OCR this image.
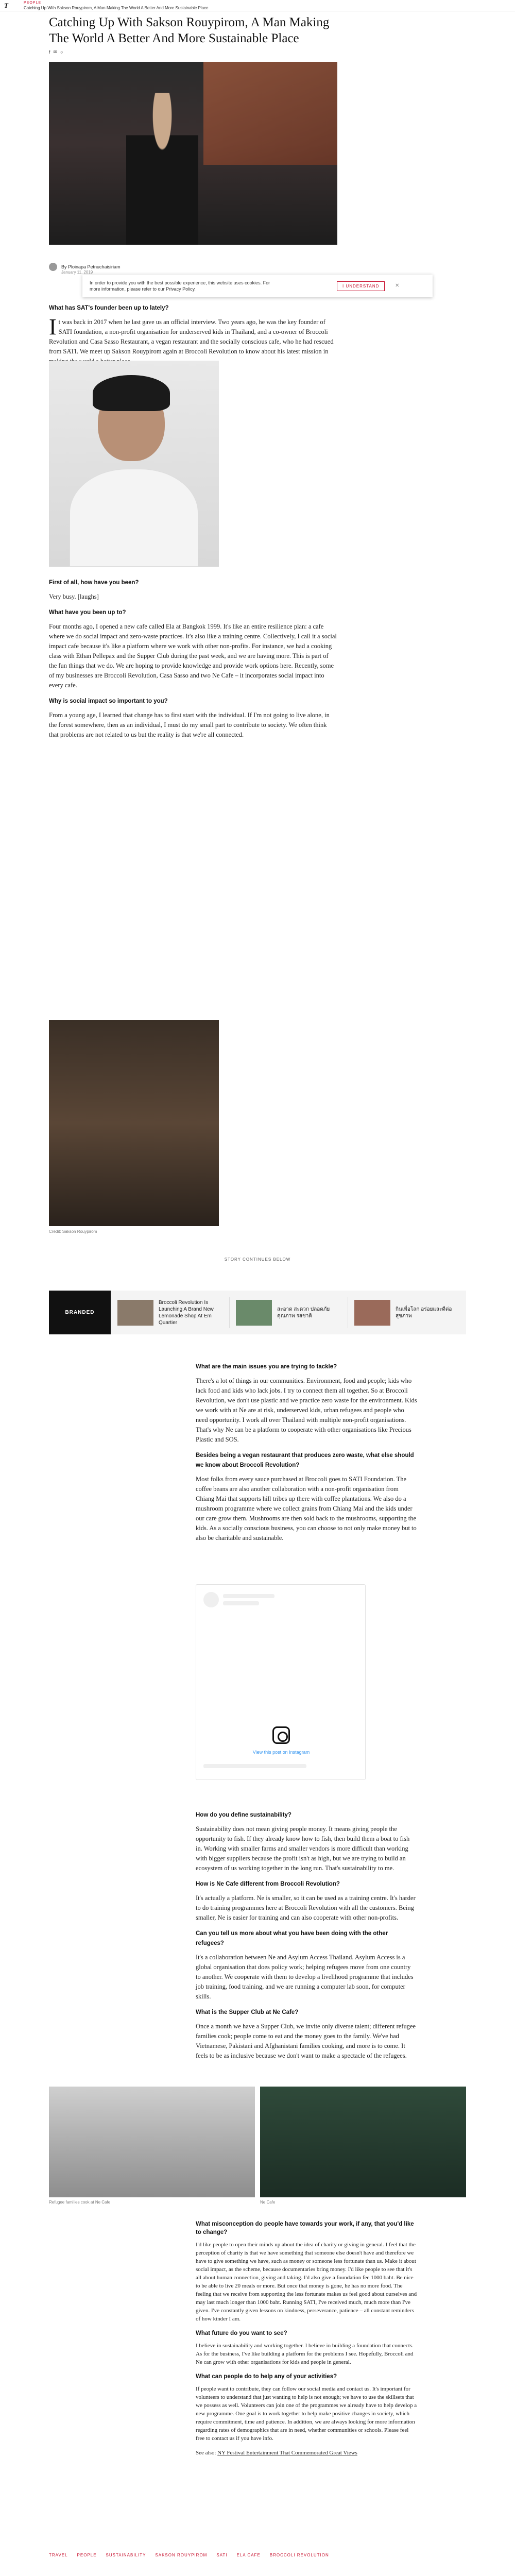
T	PEOPLE
Catching Up With Sakson Rouypirom, A Man Making The World A Better And More Sustainable Place
Catching Up With Sakson Rouypirom, A Man Making The World A Better And More Sustainable Place
f ✉ ○
By Ploinapa Petnuchaisiriam
January 11, 2019

In order to provide you with the best possible experience, this website uses cookies. For more information, please refer to our Privacy Policy.

I UNDERSTAND	×
What has SAT's founder been up to lately?

It was back in 2017 when he last gave us an official interview. Two years ago, he was the key founder of SATI foundation, a non-profit organisation for underserved kids in Thailand, and a co-owner of Broccoli Revolution and Casa Sasso Restaurant, a vegan restaurant and the socially conscious cafe, who he had rescued from SATI. We meet up Sakson Rouypirom again at Broccoli Revolution to know about his latest mission in

First of all, how have you been?

Very busy. [laughs]

What have you been up to?

Four months ago, I opened a new cafe called Ela at Bangkok 1999. It's like an entire resilience plan: a cafe where we do social impact and zero-waste practices. It's also like a training centre. Collectively, I call it a social impact cafe because it's like a platform where we work with other non-profits. For instance, we had a cooking class with Ethan Pellepax and the Supper Club during the past week, and we are having more. This is part of the fun things that we do. We are hoping to provide knowledge and provide work options here. Recently, some of my businesses are Broccoli Revolution, Casa Sasso and two Ne Cafe – it incorporates social impact into every cafe.

Why is social impact so important to you?

From a young age, I learned that change has to first start with the individual. If I'm not going to live alone, in the forest somewhere, then as an individual, I must do my small part to contribute to society. We often think that problems are not related to us but the reality is that we're all connected.

Credit: Sakson Rouypirom
STORY CONTINUES BELOW
BRANDED
Broccoli Revolution Is Launching A Brand New Lemonade Shop At Em Quartier
สะอาด สะดวก ปลอดภัย คุณภาพ รสชาติ
กินเพื่อโลก อร่อยและดีต่อสุขภาพ
What are the main issues you are trying to tackle?

There's a lot of things in our communities. Environment, food and people; kids who lack food and kids who lack jobs. I try to connect them all together. So at Broccoli Revolution, we don't use plastic and we practice zero waste for the environment. Kids we work with at Ne are at risk, underserved kids, urban refugees and people who need opportunity. I work all over Thailand with multiple non-profit organisations. That's why Ne can be a platform to cooperate with other organisations like Precious Plastic and SOS.

Besides being a vegan restaurant that produces zero waste, what else should we know about Broccoli Revolution?

Most folks from every sauce purchased at Broccoli goes to SATI Foundation. The coffee beans are also another collaboration with a non-profit organisation from Chiang Mai that supports hill tribes up there with coffee plantations. We also do a mushroom programme where we collect grains from Chiang Mai and the kids under our care grow them. Mushrooms are then sold back to the mushrooms, supporting the kids. As a socially conscious business, you can choose to not only make money but to also be charitable and sustainable.

View this post on Instagram
How do you define sustainability?

Sustainability does not mean giving people money. It means giving people the opportunity to fish. If they already know how to fish, then build them a boat to fish in. Working with smaller farms and smaller vendors is more difficult than working with bigger suppliers because the profit isn't as high, but we are trying to build an ecosystem of us working together in the long run. That's sustainability to me.

How is Ne Cafe different from Broccoli Revolution?

It's actually a platform. Ne is smaller, so it can be used as a training centre. It's harder to do training programmes here at Broccoli Revolution with all the customers. Being smaller, Ne is easier for training and can also cooperate with other non-profits.

Can you tell us more about what you have been doing with the other refugees?

It's a collaboration between Ne and Asylum Access Thailand. Asylum Access is a global organisation that does policy work; helping refugees move from one country to another. We cooperate with them to develop a livelihood programme that includes job training, food training, and we are running a computer lab soon, for computer skills.

What is the Supper Club at Ne Cafe?

Once a month we have a Supper Club, we invite only diverse talent; different refugee families cook; people come to eat and the money goes to the family. We've had Vietnamese, Pakistani and Afghanistani families cooking, and more is to come. It feels to be as inclusive because we don't want to make a spectacle of the refugees.

Refugee families cook at Ne Cafe	Ne Cafe
What misconception do people have towards your work, if any, that you'd like to change?

I'd like people to open their minds up about the idea of charity or giving in general. I feel that the perception of charity is that we have something that someone else doesn't have and therefore we have to give something we have, such as money or someone less fortunate than us. Make it about social impact, as the scheme, because documentaries bring money. I'd like people to see that it's all about human connection, giving and taking. I'd also give a foundation fee 1000 baht. Be nice to be able to live 20 meals or more. But once that money is gone, he has no more food. The feeling that we receive from supporting the less fortunate makes us feel good about ourselves and may last much longer than 1000 baht. Running SATI, I've received much, much more than I've given. I've constantly given lessons on kindness, perseverance, patience – all constant reminders of how kinder I am.

What future do you want to see?

I believe in sustainability and working together. I believe in building a foundation that connects. As for the business, I've like building a platform for the problems I see. Hopefully, Broccoli and Ne can grow with other organisations for kids and people in general.

What can people do to help any of your activities?

If people want to contribute, they can follow our social media and contact us. It's important for volunteers to understand that just wanting to help is not enough; we have to use the skillsets that we possess as well. Volunteers can join one of the programmes we already have to help develop a new programme. One goal is to work together to help make positive changes in society, which require commitment, time and patience. In addition, we are always looking for more information regarding rates of demographics that are in need, whether communities or schools. Please feel free to contact us if you have info.

See also: NY Festival Entertainment That Commemorated Great Views

TRAVEL PEOPLE SUSTAINABILITY SAKSON ROUYPIROM SATI ELA CAFE BROCCOLI REVOLUTION
